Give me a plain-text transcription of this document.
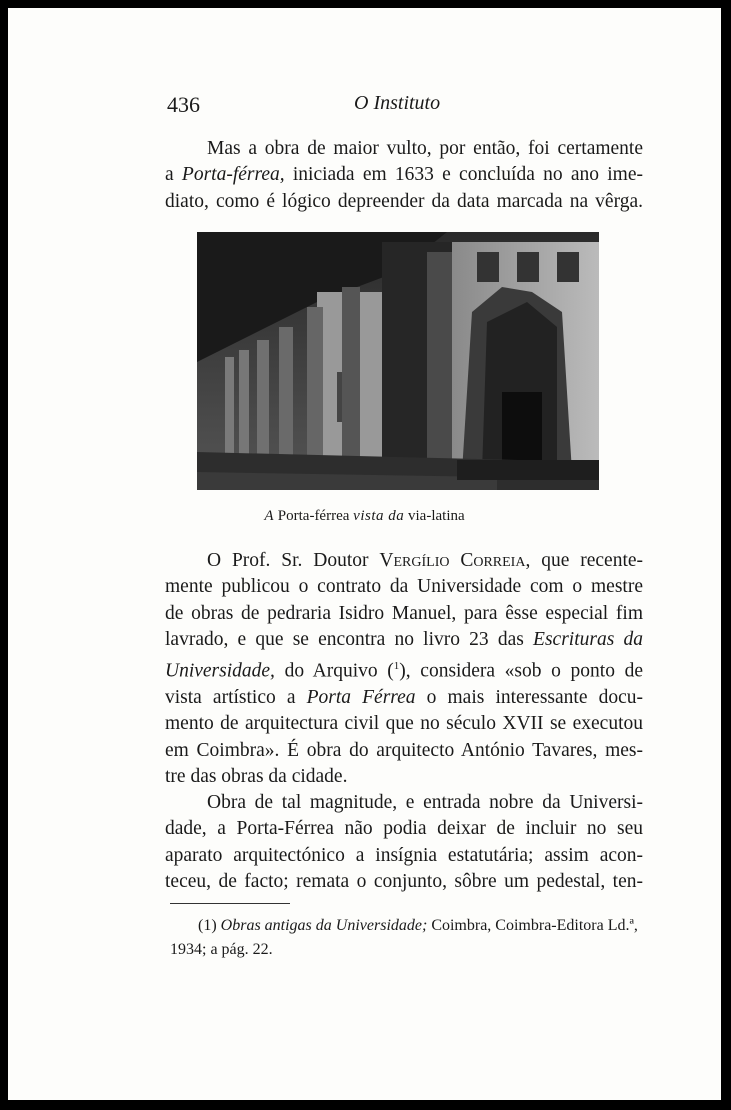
436	O Instituto
Mas a obra de maior vulto, por então, foi certamente
a Porta-férrea, iniciada em 1633 e concluída no ano ime-
diato, como é lógico depreender da data marcada na vêrga.
A Porta-férrea vista da via-latina
O Prof. Sr. Doutor Vergílio Correia, que recente-
mente publicou o contrato da Universidade com o mestre
de obras de pedraria Isidro Manuel, para êsse especial fim
lavrado, e que se encontra no livro 23 das Escrituras da
Universidade, do Arquivo ($^1$), considera «sob o ponto de
vista artístico a Porta Férrea o mais interessante docu-
mento de arquitectura civil que no século XVII se executou
em Coimbra». É obra do arquitecto António Tavares, mes-
tre das obras da cidade.
Obra de tal magnitude, e entrada nobre da Universi-
dade, a Porta-Férrea não podia deixar de incluir no seu
aparato arquitectónico a insígnia estatutária; assim acon-
teceu, de facto; remata o conjunto, sôbre um pedestal, ten-
(1) Obras antigas da Universidade; Coimbra, Coimbra-Editora Ld.ª,
1934; a pág. 22.
